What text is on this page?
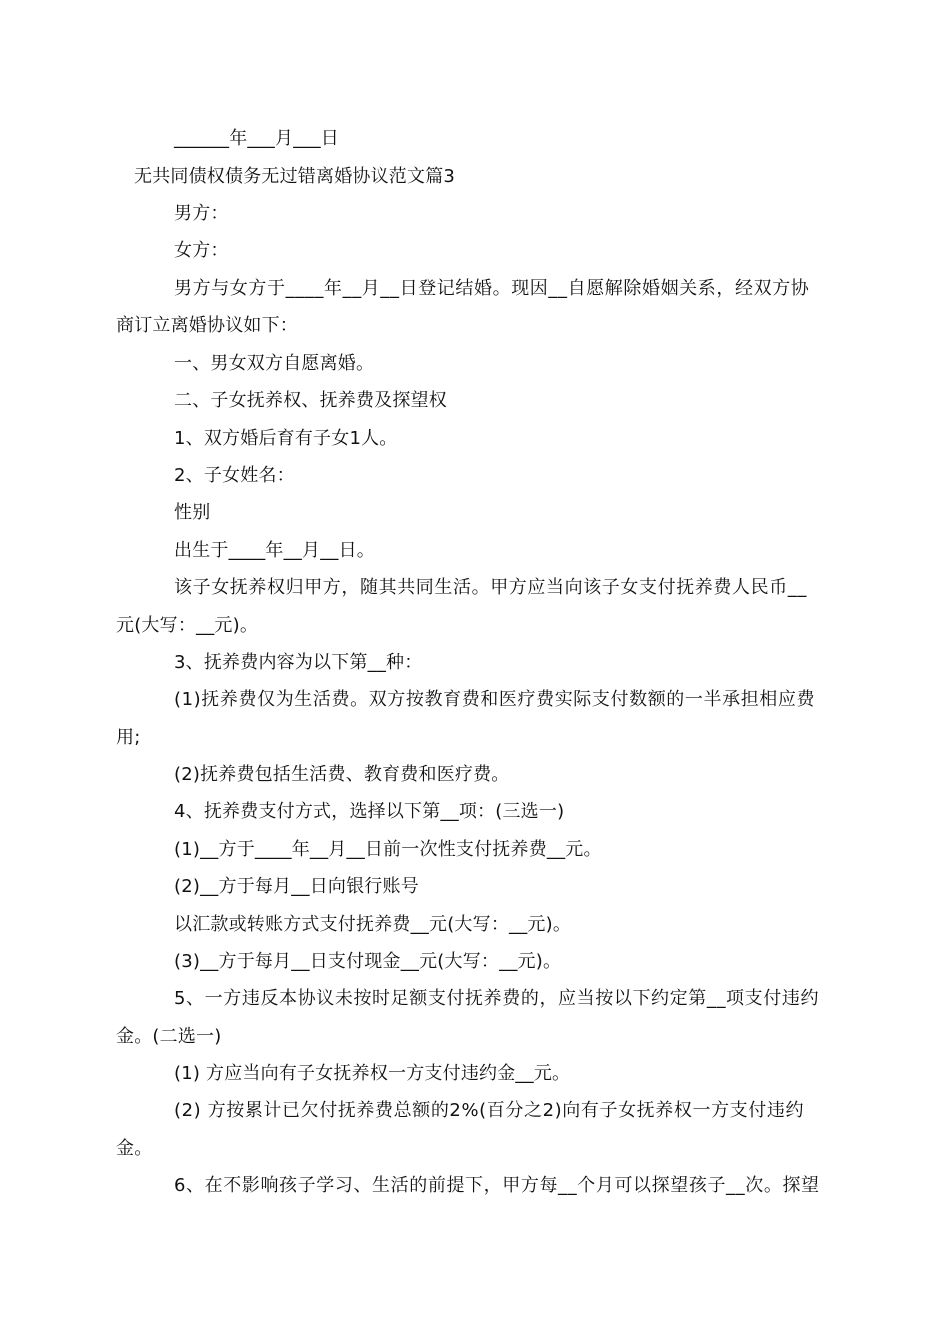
______年___月___日
无共同债权债务无过错离婚协议范文篇3
男方：
女方：
男方与女方于____年__月__日登记结婚。现因__自愿解除婚姻关系，经双方协
商订立离婚协议如下：
一、男女双方自愿离婚。
二、子女抚养权、抚养费及探望权
1、双方婚后育有子女1人。
2、子女姓名：
性别
出生于____年__月__日。
该子女抚养权归甲方，随其共同生活。甲方应当向该子女支付抚养费人民币__
元(大写：__元)。
3、抚养费内容为以下第__种：
(1)抚养费仅为生活费。双方按教育费和医疗费实际支付数额的一半承担相应费
用;
(2)抚养费包括生活费、教育费和医疗费。
4、抚养费支付方式，选择以下第__项：(三选一)
(1)__方于____年__月__日前一次性支付抚养费__元。
(2)__方于每月__日向银行账号
以汇款或转账方式支付抚养费__元(大写：__元)。
(3)__方于每月__日支付现金__元(大写：__元)。
5、一方违反本协议未按时足额支付抚养费的，应当按以下约定第__项支付违约
金。(二选一)
(1) 方应当向有子女抚养权一方支付违约金__元。
(2) 方按累计已欠付抚养费总额的2%(百分之2)向有子女抚养权一方支付违约
金。
6、在不影响孩子学习、生活的前提下，甲方每__个月可以探望孩子__次。探望
